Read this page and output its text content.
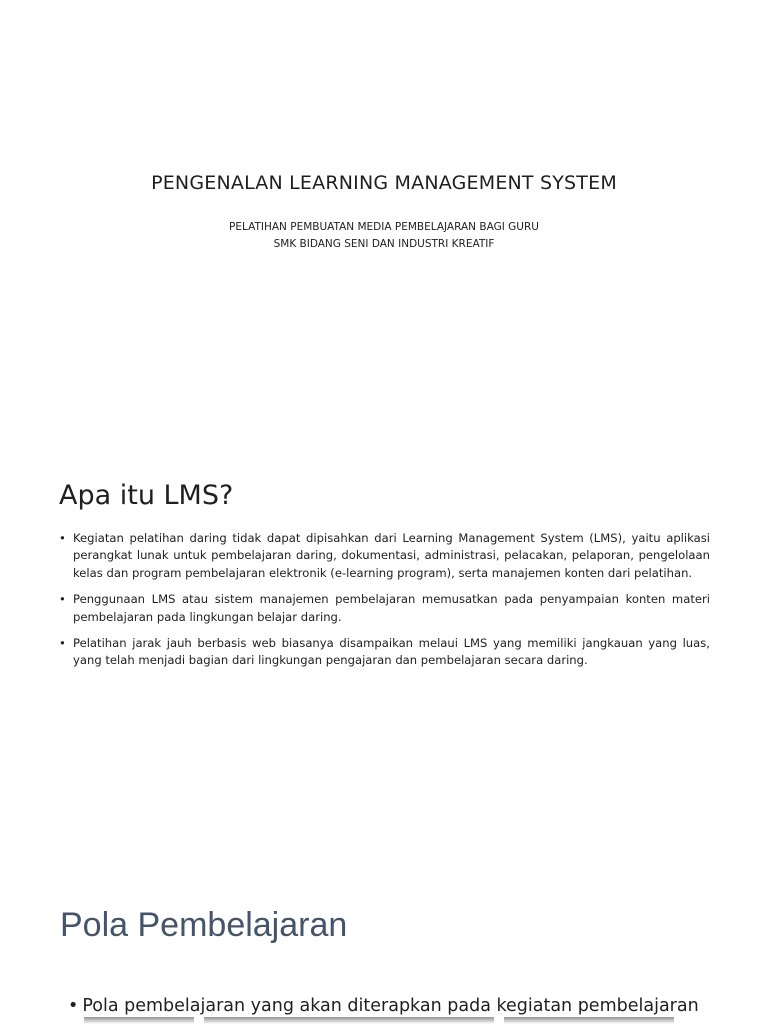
PENGENALAN LEARNING MANAGEMENT SYSTEM

PELATIHAN PEMBUATAN MEDIA PEMBELAJARAN BAGI GURU

SMK BIDANG SENI DAN INDUSTRI KREATIF

Apa itu LMS?
• Kegiatan pelatihan daring tidak dapat dipisahkan dari Learning Management System (LMS), yaitu aplikasi perangkat lunak untuk pembelajaran daring, dokumentasi, administrasi, pelacakan, pelaporan, pengelolaan kelas dan program pembelajaran elektronik (e-learning program), serta manajemen konten dari pelatihan.
• Penggunaan LMS atau sistem manajemen pembelajaran memusatkan pada penyampaian konten materi pembelajaran pada lingkungan belajar daring.
• Pelatihan jarak jauh berbasis web biasanya disampaikan melaui LMS yang memiliki jangkauan yang luas, yang telah menjadi bagian dari lingkungan pengajaran dan pembelajaran secara daring.
Pola Pembelajaran
• Pola pembelajaran yang akan diterapkan pada kegiatan pembelajaran
